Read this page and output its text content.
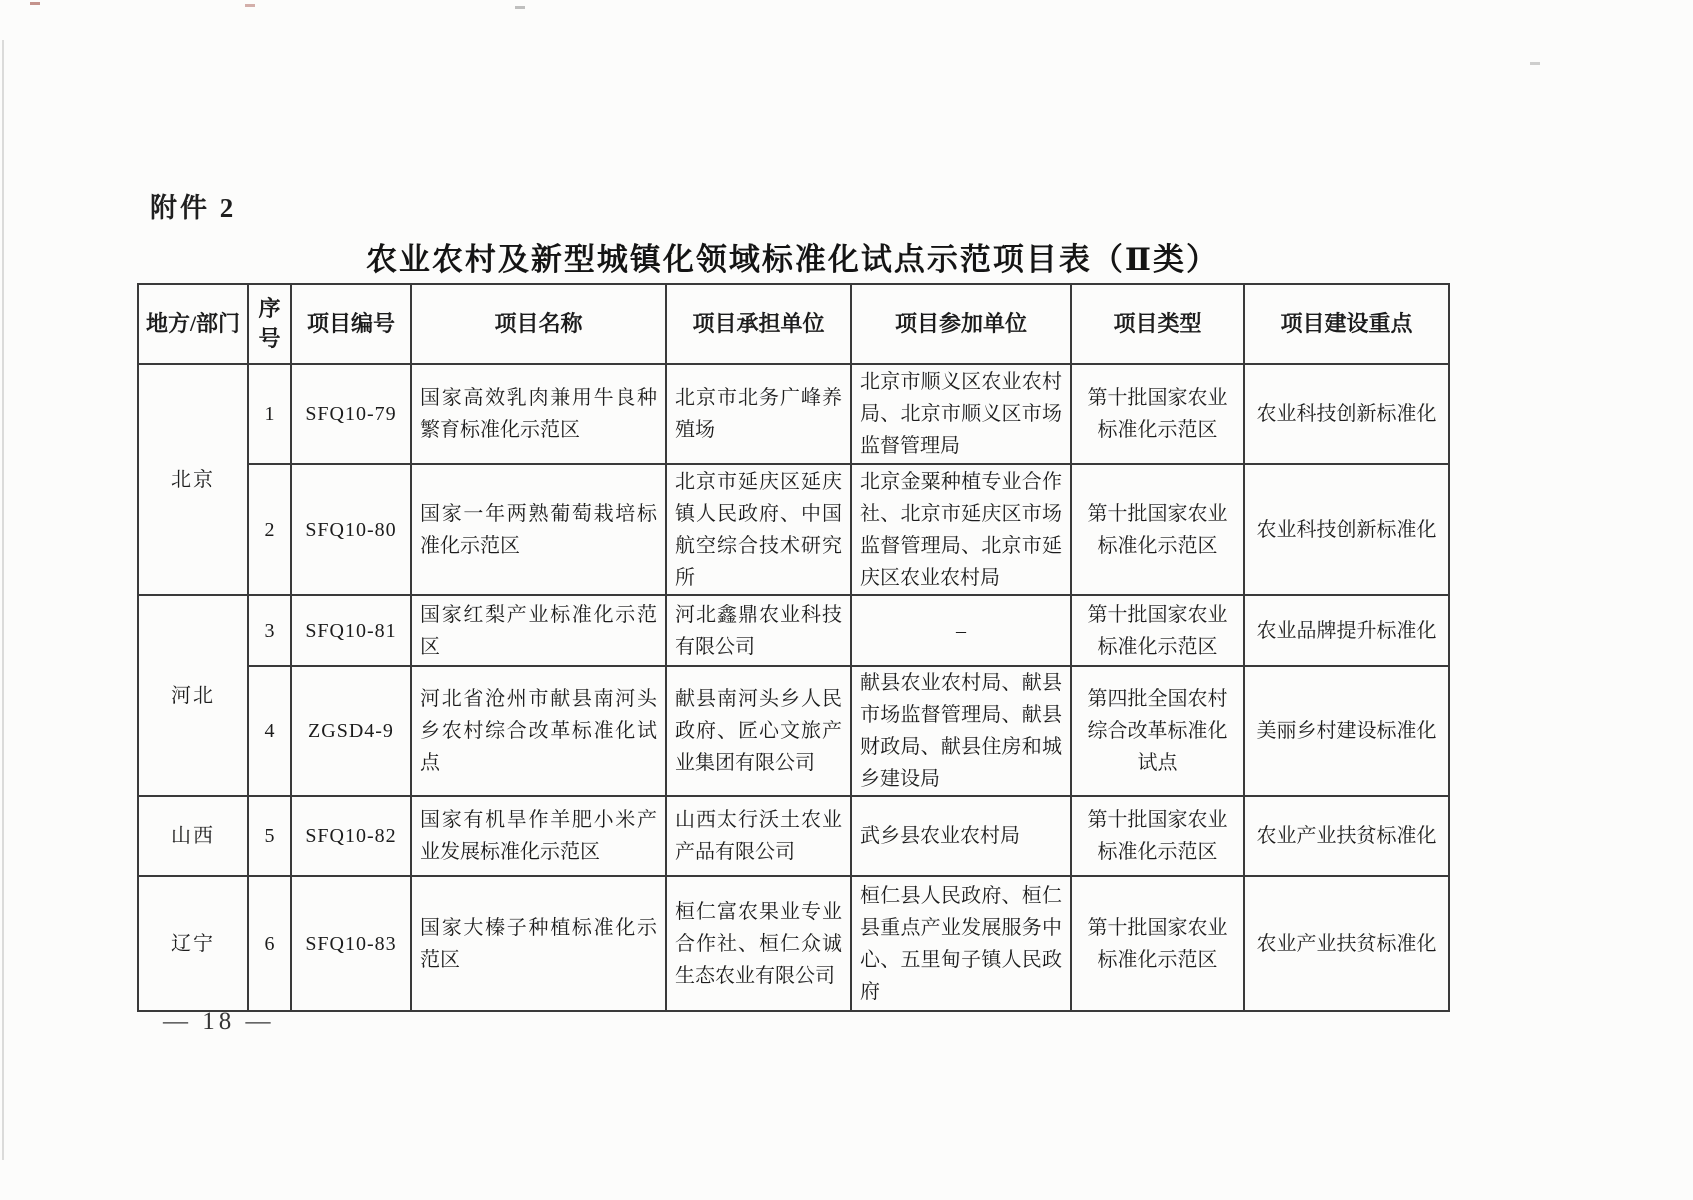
附件 2
农业农村及新型城镇化领域标准化试点示范项目表（Ⅱ类）
地方/部门	序号	项目编号	项目名称	项目承担单位	项目参加单位	项目类型	项目建设重点
北京	1	SFQ10-79	国家高效乳肉兼用牛良种繁育标准化示范区	北京市北务广峰养殖场	北京市顺义区农业农村局、北京市顺义区市场监督管理局	第十批国家农业标准化示范区	农业科技创新标准化
	2	SFQ10-80	国家一年两熟葡萄栽培标准化示范区	北京市延庆区延庆镇人民政府、中国航空综合技术研究所	北京金粟种植专业合作社、北京市延庆区市场监督管理局、北京市延庆区农业农村局	第十批国家农业标准化示范区	农业科技创新标准化
河北	3	SFQ10-81	国家红梨产业标准化示范区	河北鑫鼎农业科技有限公司	–	第十批国家农业标准化示范区	农业品牌提升标准化
	4	ZGSD4-9	河北省沧州市献县南河头乡农村综合改革标准化试点	献县南河头乡人民政府、匠心文旅产业集团有限公司	献县农业农村局、献县市场监督管理局、献县财政局、献县住房和城乡建设局	第四批全国农村综合改革标准化试点	美丽乡村建设标准化
山西	5	SFQ10-82	国家有机旱作羊肥小米产业发展标准化示范区	山西太行沃土农业产品有限公司	武乡县农业农村局	第十批国家农业标准化示范区	农业产业扶贫标准化
辽宁	6	SFQ10-83	国家大榛子种植标准化示范区	桓仁富农果业专业合作社、桓仁众诚生态农业有限公司	桓仁县人民政府、桓仁县重点产业发展服务中心、五里甸子镇人民政府	第十批国家农业标准化示范区	农业产业扶贫标准化
— 18 —
